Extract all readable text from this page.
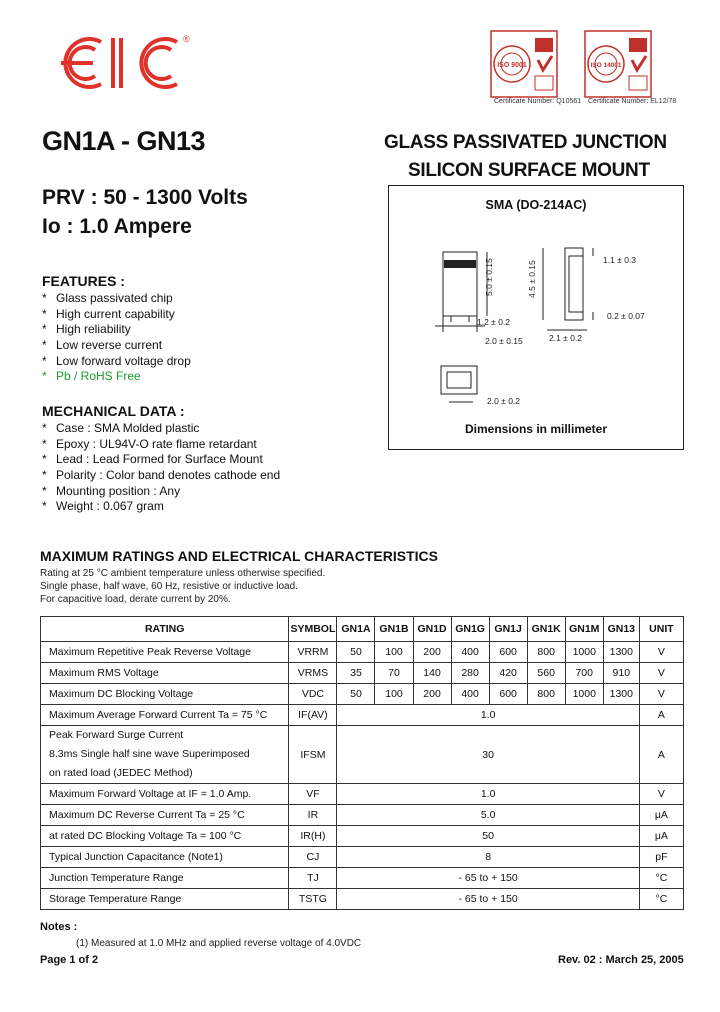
®
ISO 9001	ISO 14001
Certificate Number: Q10561 Certificate Number: EL12/78
GN1A - GN13	GLASS PASSIVATED JUNCTION
SILICON SURFACE MOUNT
PRV : 50 - 1300 Volts
Io : 1.0 Ampere
FEATURES :
* Glass passivated chip
* High current capability
* High reliability
* Low reverse current
* Low forward voltage drop
* Pb / RoHS Free
MECHANICAL DATA :
* Case : SMA Molded plastic
* Epoxy : UL94V-O rate flame retardant
* Lead : Lead Formed for Surface Mount
* Polarity : Color band denotes cathode end
* Mounting position : Any
* Weight : 0.067 gram
SMA (DO-214AC)
1.1 ± 0.3
5.0 ± 0.15	4.5 ± 0.15
1.2 ± 0.2
0.2 ± 0.07
2.0 ± 0.15	2.1 ± 0.2
2.0 ± 0.2
Dimensions in millimeter
MAXIMUM RATINGS AND ELECTRICAL CHARACTERISTICS
Rating at 25 °C ambient temperature unless otherwise specified.
Single phase, half wave, 60 Hz, resistive or inductive load.
For capacitive load, derate current by 20%.
RATING	SYMBOL	GN1A	GN1B	GN1D	GN1G	GN1J	GN1K	GN1M	GN13	UNIT
Maximum Repetitive Peak Reverse Voltage	VRRM	50	100	200	400	600	800	1000	1300	V
Maximum RMS Voltage	VRMS	35	70	140	280	420	560	700	910	V
Maximum DC Blocking Voltage	VDC	50	100	200	400	600	800	1000	1300	V
Maximum Average Forward Current Ta = 75 °C	IF(AV)	1.0								A

Peak Forward Surge Current
8.3ms Single half sine wave Superimposed
on rated load (JEDEC Method)	IFSM	30								A
Maximum Forward Voltage at IF = 1.0 Amp.	VF	1.0								V
Maximum DC Reverse Current Ta = 25 °C	IR	5.0								μA
at rated DC Blocking Voltage Ta = 100 °C	IR(H)	50								μA
Typical Junction Capacitance (Note1)	CJ	8								pF
Junction Temperature Range	TJ	- 65 to + 150								°C
Storage Temperature Range	TSTG	- 65 to + 150								°C
Notes :
(1) Measured at 1.0 MHz and applied reverse voltage of 4.0VDC
Page 1 of 2	Rev. 02 : March 25, 2005
